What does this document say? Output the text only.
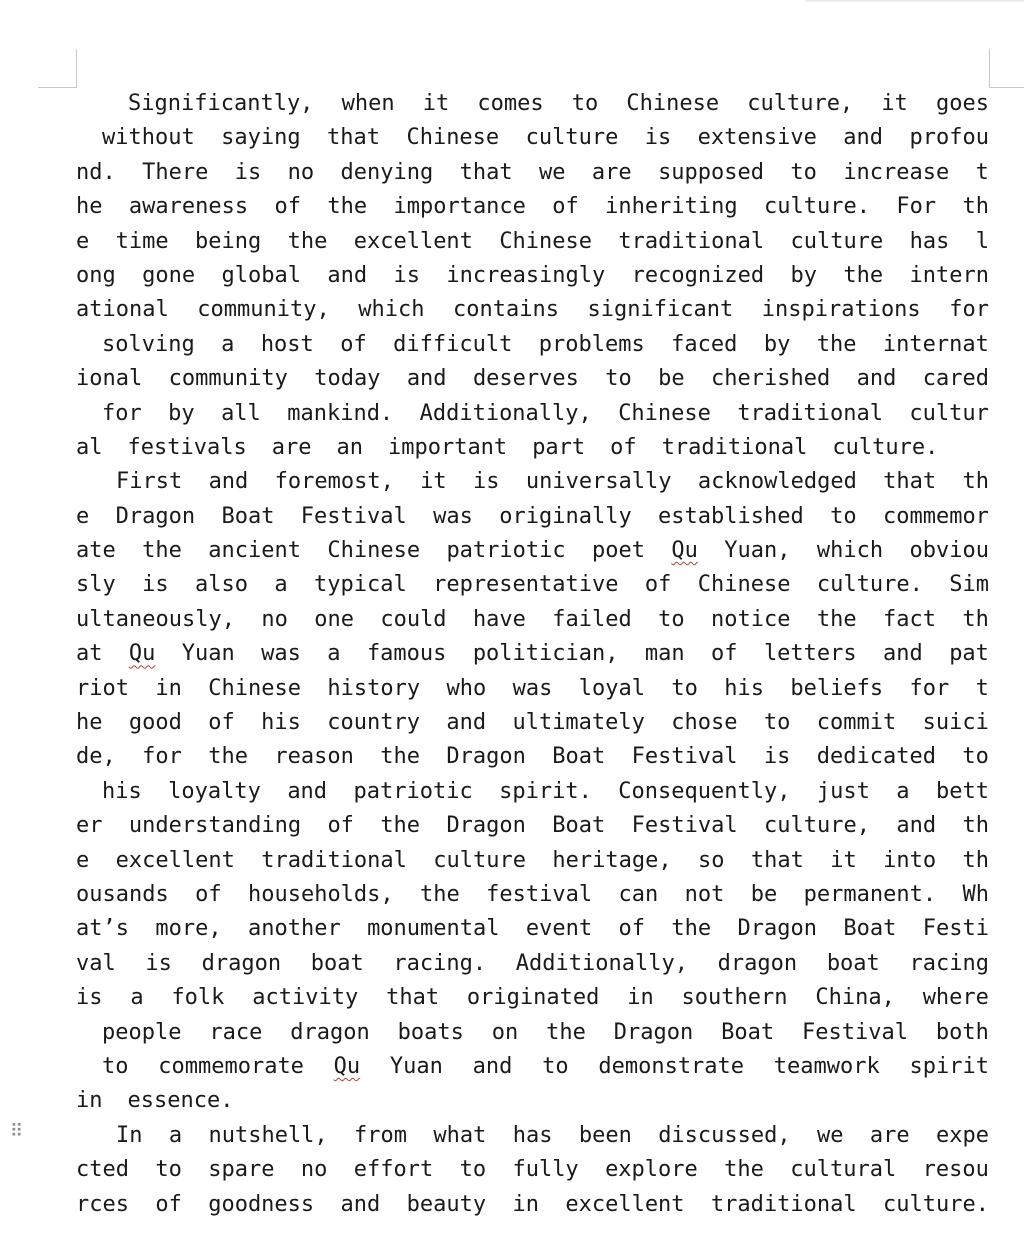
⠿
Significantly, when it comes to Chinese culture, it goes
without saying that Chinese culture is extensive and profou
nd. There is no denying that we are supposed to increase t
he awareness of the importance of inheriting culture. For th
e time being the excellent Chinese traditional culture has l
ong gone global and is increasingly recognized by the intern
ational community, which contains significant inspirations for
solving a host of difficult problems faced by the internat
ional community today and deserves to be cherished and cared
for by all mankind. Additionally, Chinese traditional cultur
al festivals are an important part of traditional culture.
First and foremost, it is universally acknowledged that th
e Dragon Boat Festival was originally established to commemor
ate the ancient Chinese patriotic poet Qu Yuan, which obviou
sly is also a typical representative of Chinese culture. Sim
ultaneously, no one could have failed to notice the fact th
at Qu Yuan was a famous politician, man of letters and pat
riot in Chinese history who was loyal to his beliefs for t
he good of his country and ultimately chose to commit suici
de, for the reason the Dragon Boat Festival is dedicated to
his loyalty and patriotic spirit. Consequently, just a bett
er understanding of the Dragon Boat Festival culture, and th
e excellent traditional culture heritage, so that it into th
ousands of households, the festival can not be permanent. Wh
at’s more, another monumental event of the Dragon Boat Festi
val is dragon boat racing. Additionally, dragon boat racing
is a folk activity that originated in southern China, where
people race dragon boats on the Dragon Boat Festival both
to commemorate Qu Yuan and to demonstrate teamwork spirit
in essence.
In a nutshell, from what has been discussed, we are expe
cted to spare no effort to fully explore the cultural resou
rces of goodness and beauty in excellent traditional culture.
